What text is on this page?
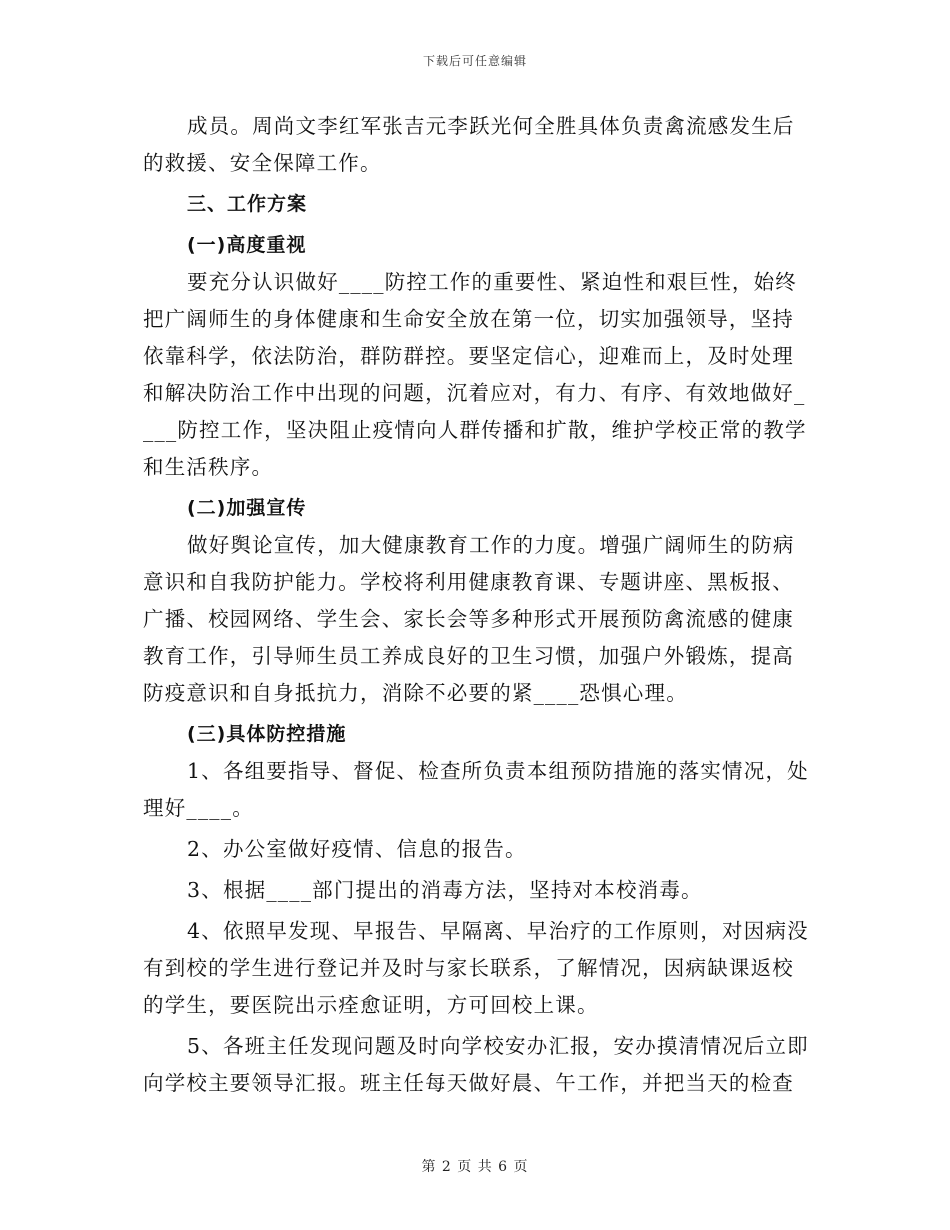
下载后可任意编辑
成员。周尚文李红军张吉元李跃光何全胜具体负责禽流感发生后
的救援、安全保障工作。
三、工作方案
(一)高度重视
要充分认识做好____防控工作的重要性、紧迫性和艰巨性，始终
把广阔师生的身体健康和生命安全放在第一位，切实加强领导，坚持
依靠科学，依法防治，群防群控。要坚定信心，迎难而上，及时处理
和解决防治工作中出现的问题，沉着应对，有力、有序、有效地做好_
___防控工作，坚决阻止疫情向人群传播和扩散，维护学校正常的教学
和生活秩序。
(二)加强宣传
做好舆论宣传，加大健康教育工作的力度。增强广阔师生的防病
意识和自我防护能力。学校将利用健康教育课、专题讲座、黑板报、
广播、校园网络、学生会、家长会等多种形式开展预防禽流感的健康
教育工作，引导师生员工养成良好的卫生习惯，加强户外锻炼，提高
防疫意识和自身抵抗力，消除不必要的紧____恐惧心理。
(三)具体防控措施
1、各组要指导、督促、检查所负责本组预防措施的落实情况，处
理好____。
2、办公室做好疫情、信息的报告。
3、根据____部门提出的消毒方法，坚持对本校消毒。
4、依照早发现、早报告、早隔离、早治疗的工作原则，对因病没
有到校的学生进行登记并及时与家长联系，了解情况，因病缺课返校
的学生，要医院出示痊愈证明，方可回校上课。
5、各班主任发现问题及时向学校安办汇报，安办摸清情况后立即
向学校主要领导汇报。班主任每天做好晨、午工作，并把当天的检查
第 2 页 共 6 页
